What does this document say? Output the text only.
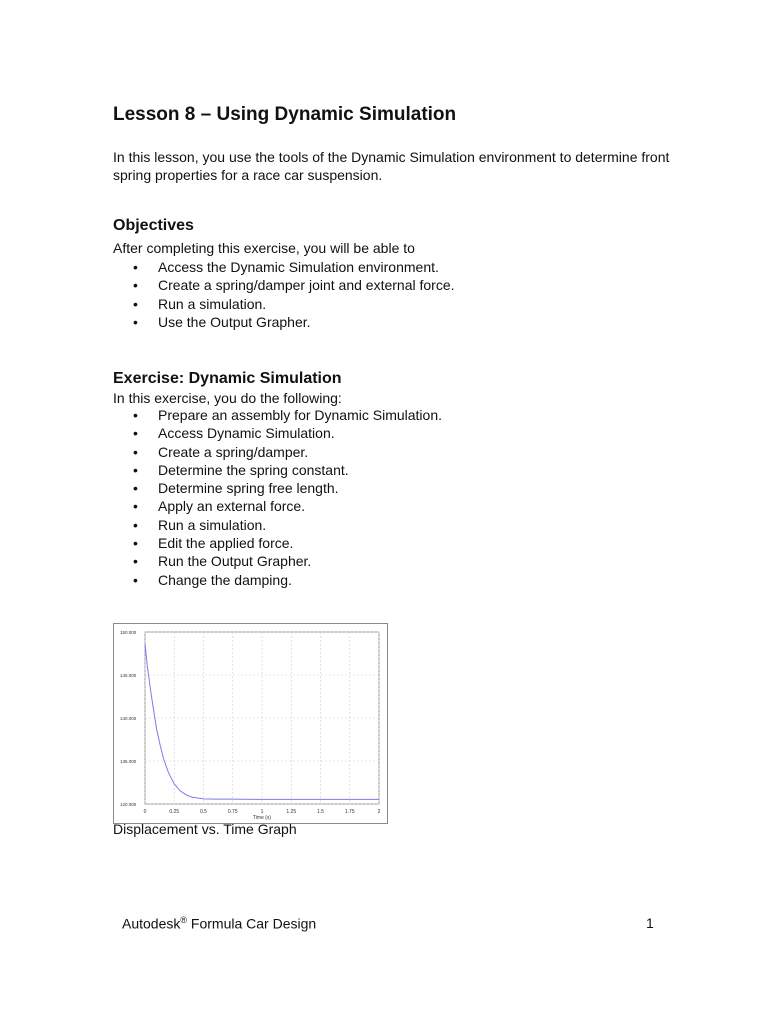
Lesson 8 – Using Dynamic Simulation

In this lesson, you use the tools of the Dynamic Simulation environment to determine front spring properties for a race car suspension.

Objectives

After completing this exercise, you will be able to

• Access the Dynamic Simulation environment.
• Create a spring/damper joint and external force.
• Run a simulation.
• Use the Output Grapher.
Exercise: Dynamic Simulation

In this exercise, you do the following:

• Prepare an assembly for Dynamic Simulation.
• Access Dynamic Simulation.
• Create a spring/damper.
• Determine the spring constant.
• Determine spring free length.
• Apply an external force.
• Run a simulation.
• Edit the applied force.
• Run the Output Grapher.
• Change the damping.
0	0.25	0.5	0.75	1	1.25	1.5	1.75	2
150.000
145.000
140.000
135.000
120.000
Time (s)

Displacement vs. Time Graph

Autodesk® Formula Car Design	1
